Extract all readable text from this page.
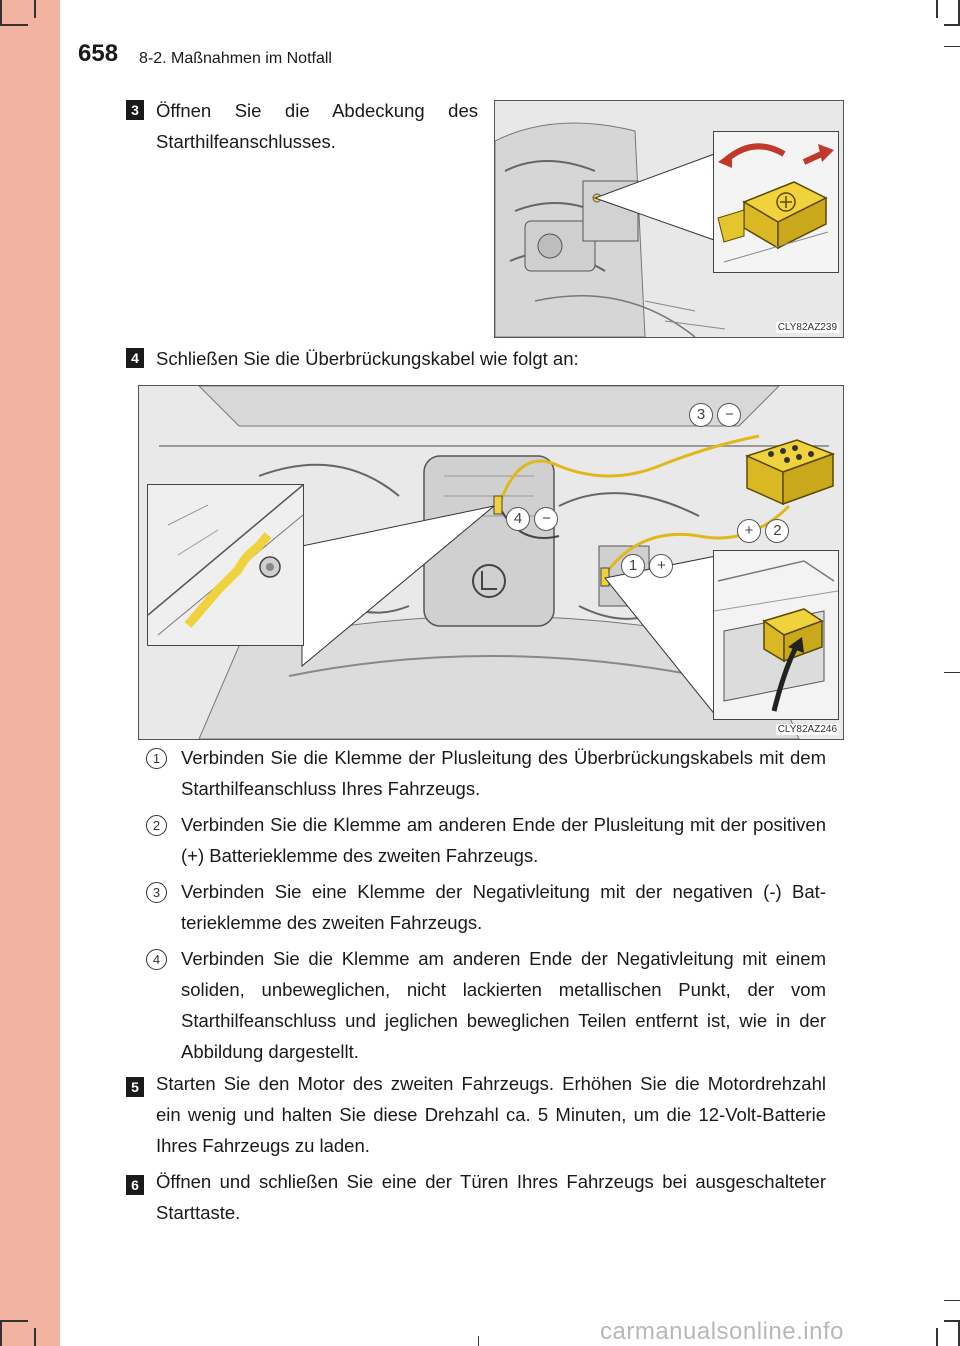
658 8-2. Maßnahmen im Notfall
3 Öffnen Sie die Abdeckung des Starthilfeanschlusses.
CLY82AZ239
4 Schließen Sie die Überbrückungskabel wie folgt an:
3 −
4 −
+ 2
1 +
CLY82AZ246
1	Verbinden Sie die Klemme der Plusleitung des Überbrückungskabels mit dem Starthilfeanschluss Ihres Fahrzeugs.
2	Verbinden Sie die Klemme am anderen Ende der Plusleitung mit der positiven (+) Batterieklemme des zweiten Fahrzeugs.
3	Verbinden Sie eine Klemme der Negativleitung mit der negativen (-) Batterieklemme des zweiten Fahrzeugs.
4	Verbinden Sie die Klemme am anderen Ende der Negativleitung mit einem soliden, unbeweglichen, nicht lackierten metallischen Punkt, der vom Starthilfeanschluss und jeglichen beweglichen Teilen entfernt ist, wie in der Abbildung dargestellt.
5 Starten Sie den Motor des zweiten Fahrzeugs. Erhöhen Sie die Motordrehzahl ein wenig und halten Sie diese Drehzahl ca. 5 Minuten, um die 12-Volt-Batterie Ihres Fahrzeugs zu laden.
6 Öffnen und schließen Sie eine der Türen Ihres Fahrzeugs bei ausgeschalteter Starttaste.
carmanualsonline.info
